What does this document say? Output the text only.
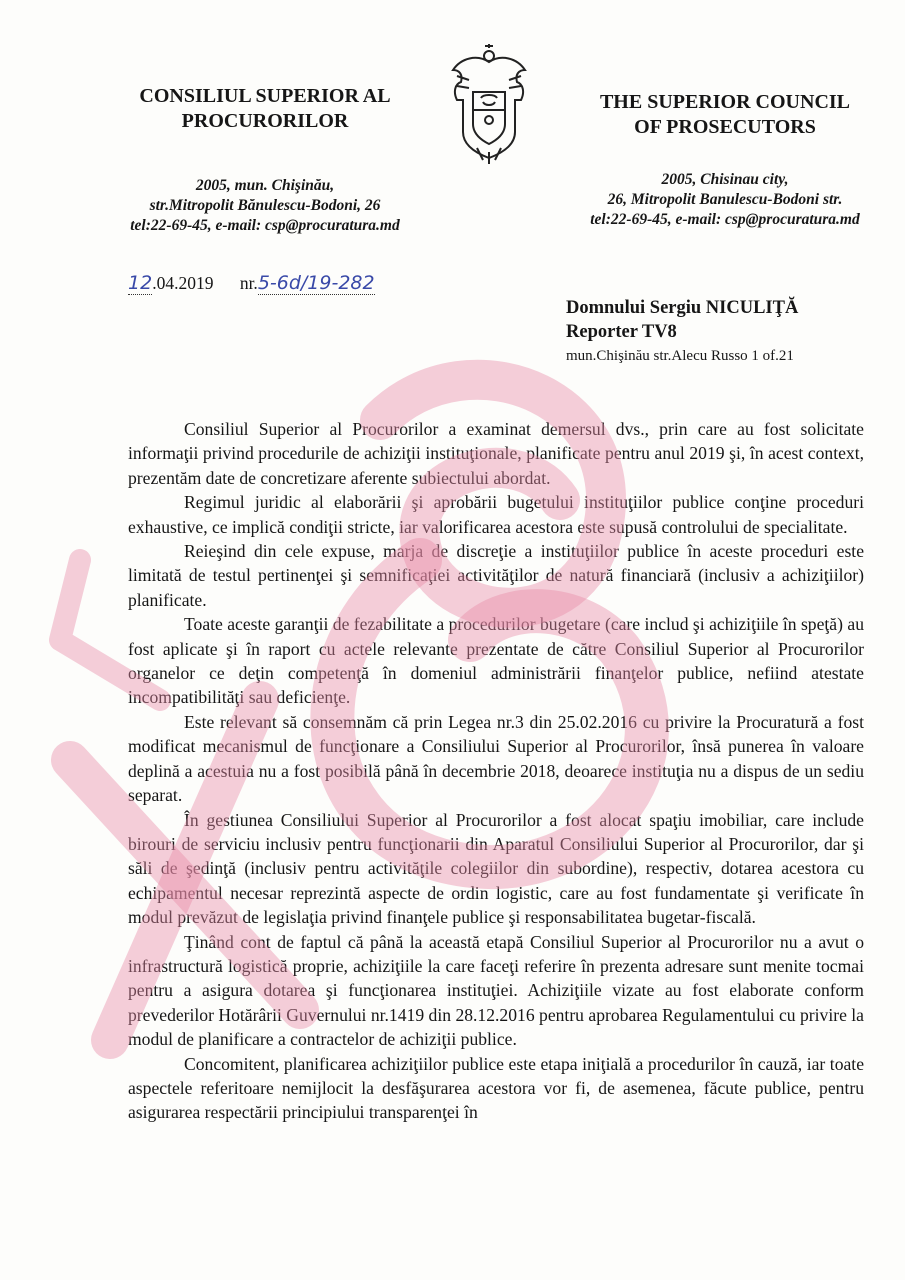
CONSILIUL SUPERIOR AL
PROCURORILOR

2005, mun. Chişinău,
str.Mitropolit Bănulescu-Bodoni, 26
tel:22-69-45, e-mail: csp@procuratura.md

THE SUPERIOR COUNCIL
OF PROSECUTORS

2005, Chisinau city,
26, Mitropolit Banulescu-Bodoni str.
tel:22-69-45, e-mail: csp@procuratura.md
12.04.2019 nr.5-6d/19-282
Domnului Sergiu NICULIŢĂ
Reporter TV8
mun.Chişinău str.Alecu Russo 1 of.21

Consiliul Superior al Procurorilor a examinat demersul dvs., prin care au fost solicitate informaţii privind procedurile de achiziţii instituţionale, planificate pentru anul 2019 şi, în acest context, prezentăm date de concretizare aferente subiectului abordat.

Regimul juridic al elaborării şi aprobării bugetului instituţiilor publice conţine proceduri exhaustive, ce implică condiţii stricte, iar valorificarea acestora este supusă controlului de specialitate.

Reieşind din cele expuse, marja de discreţie a instituţiilor publice în aceste proceduri este limitată de testul pertinenţei şi semnificaţiei activităţilor de natură financiară (inclusiv a achiziţiilor) planificate.

Toate aceste garanţii de fezabilitate a procedurilor bugetare (care includ şi achiziţiile în speţă) au fost aplicate şi în raport cu actele relevante prezentate de către Consiliul Superior al Procurorilor organelor ce deţin competenţă în domeniul administrării finanţelor publice, nefiind atestate incompatibilităţi sau deficienţe.

Este relevant să consemnăm că prin Legea nr.3 din 25.02.2016 cu privire la Procuratură a fost modificat mecanismul de funcţionare a Consiliului Superior al Procurorilor, însă punerea în valoare deplină a acestuia nu a fost posibilă până în decembrie 2018, deoarece instituţia nu a dispus de un sediu separat.

În gestiunea Consiliului Superior al Procurorilor a fost alocat spaţiu imobiliar, care include birouri de serviciu inclusiv pentru funcţionarii din Aparatul Consiliului Superior al Procurorilor, dar şi săli de şedinţă (inclusiv pentru activităţile colegiilor din subordine), respectiv, dotarea acestora cu echipamentul necesar reprezintă aspecte de ordin logistic, care au fost fundamentate şi verificate în modul prevăzut de legislaţia privind finanţele publice şi responsabilitatea bugetar-fiscală.

Ţinând cont de faptul că până la această etapă Consiliul Superior al Procurorilor nu a avut o infrastructură logistică proprie, achiziţiile la care faceţi referire în prezenta adresare sunt menite tocmai pentru a asigura dotarea şi funcţionarea instituţiei. Achiziţiile vizate au fost elaborate conform prevederilor Hotărârii Guvernului nr.1419 din 28.12.2016 pentru aprobarea Regulamentului cu privire la modul de planificare a contractelor de achiziţii publice.

Concomitent, planificarea achiziţiilor publice este etapa iniţială a procedurilor în cauză, iar toate aspectele referitoare nemijlocit la desfăşurarea acestora vor fi, de asemenea, făcute publice, pentru asigurarea respectării principiului transparenţei în
